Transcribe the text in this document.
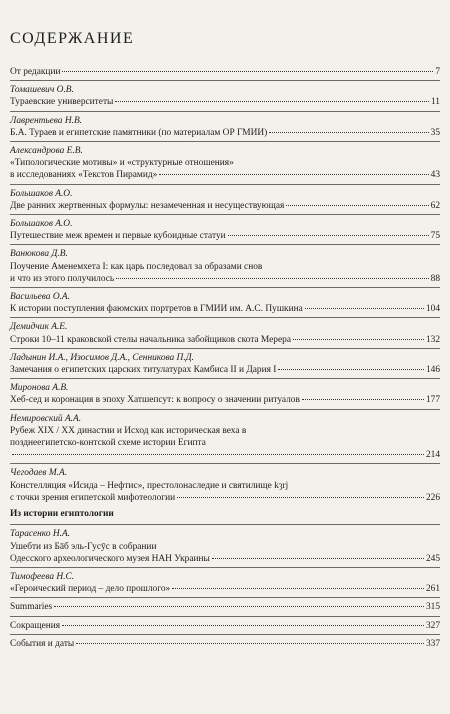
СОДЕРЖАНИЕ
От редакции	7
Томашевич О.В.
Тураевские университеты	11
Лаврентьева Н.В.
Б.А. Тураев и египетские памятники (по материалам ОР ГМИИ)	35
Александрова Е.В.
«Типологические мотивы» и «структурные отношения»
в исследованиях «Текстов Пирамид»	43
Большаков А.О.
Две ранних жертвенных формулы: незамеченная и несуществующая	62
Большаков А.О.
Путешествие меж времен и первые кубоидные статуи	75
Ванюкова Д.В.
Поучение Аменемхета I: как царь последовал за образами снов
и что из этого получилось	88
Васильева О.А.
К истории поступления фаюмских портретов в ГМИИ им. А.С. Пушкина	104
Демидчик А.Е.
Строки 10–11 краковской стелы начальника забойщиков скота Мерера	132
Ладынин И.А., Изосимов Д.А., Сенникова П.Д.
Замечания о египетских царских титулатурах Камбиса II и Дария I	146
Миронова А.В.
Хеб-сед и коронация в эпоху Хатшепсут: к вопросу о значении ритуалов	177
Немировский А.А.
Рубеж XIX / XX династии и Исход как историческая веха в
позднеегипетско-контской схеме истории Египта
214
Чегодаев М.А.
Констелляция «Исида – Нефтис», престолонаследие и святилище kȝrj
с точки зрения египетской мифотеологии	226
Из истории египтологии
Тарасенко Н.А.
Ушебти из Бāб эль-Гусӯс в собрании
Одесского археологического музея НАН Украины	245
Тимофеева Н.С.
«Героический период – дело прошлого»	261
Summaries	315
Сокращения	327
События и даты	337
